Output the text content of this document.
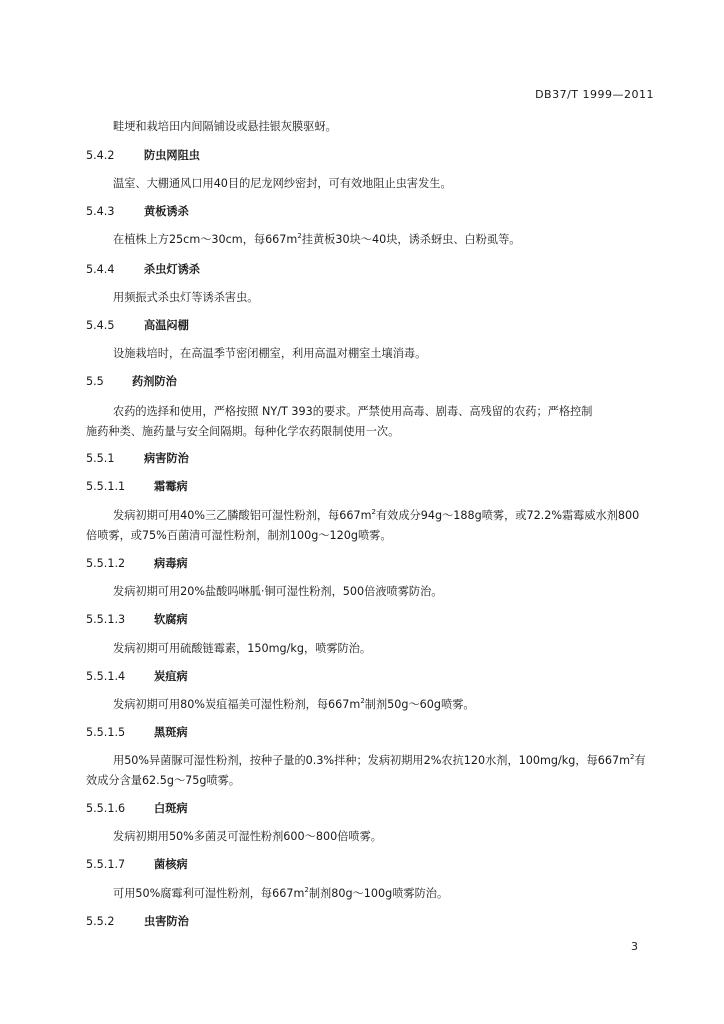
DB37/T 1999—2011
畦埂和栽培田内间隔铺设或悬挂银灰膜驱蚜。
5.4.2	防虫网阻虫
温室、大棚通风口用40目的尼龙网纱密封，可有效地阻止虫害发生。
5.4.3	黄板诱杀
在植株上方25cm～30cm，每$667m^2$挂黄板30块～40块，诱杀蚜虫、白粉虱等。
5.4.4	杀虫灯诱杀
用频振式杀虫灯等诱杀害虫。
5.4.5	高温闷棚
设施栽培时，在高温季节密闭棚室，利用高温对棚室土壤消毒。
5.5	药剂防治
农药的选择和使用，严格按照 NY/T 393的要求。严禁使用高毒、剧毒、高残留的农药；严格控制
施药种类、施药量与安全间隔期。每种化学农药限制使用一次。
5.5.1	病害防治
5.5.1.1	霜霉病
发病初期可用40%三乙膦酸铝可湿性粉剂，每$667m^2$有效成分94g～188g喷雾，或72.2%霜霉威水剂800
倍喷雾，或75%百菌清可湿性粉剂，制剂100g～120g喷雾。
5.5.1.2	病毒病
发病初期可用20%盐酸吗啉胍·铜可湿性粉剂，500倍液喷雾防治。
5.5.1.3	软腐病
发病初期可用硫酸链霉素，150mg/kg，喷雾防治。
5.5.1.4	炭疽病
发病初期可用80%炭疽福美可湿性粉剂，每$667m^2$制剂50g～60g喷雾。
5.5.1.5	黑斑病
用50%异菌脲可湿性粉剂，按种子量的0.3%拌种；发病初期用2%农抗120水剂，100mg/kg，每$667m^2$有
效成分含量62.5g～75g喷雾。
5.5.1.6	白斑病
发病初期用50%多菌灵可湿性粉剂600～800倍喷雾。
5.5.1.7	菌核病
可用50%腐霉利可湿性粉剂，每$667m^2$制剂80g～100g喷雾防治。
5.5.2	虫害防治
3
